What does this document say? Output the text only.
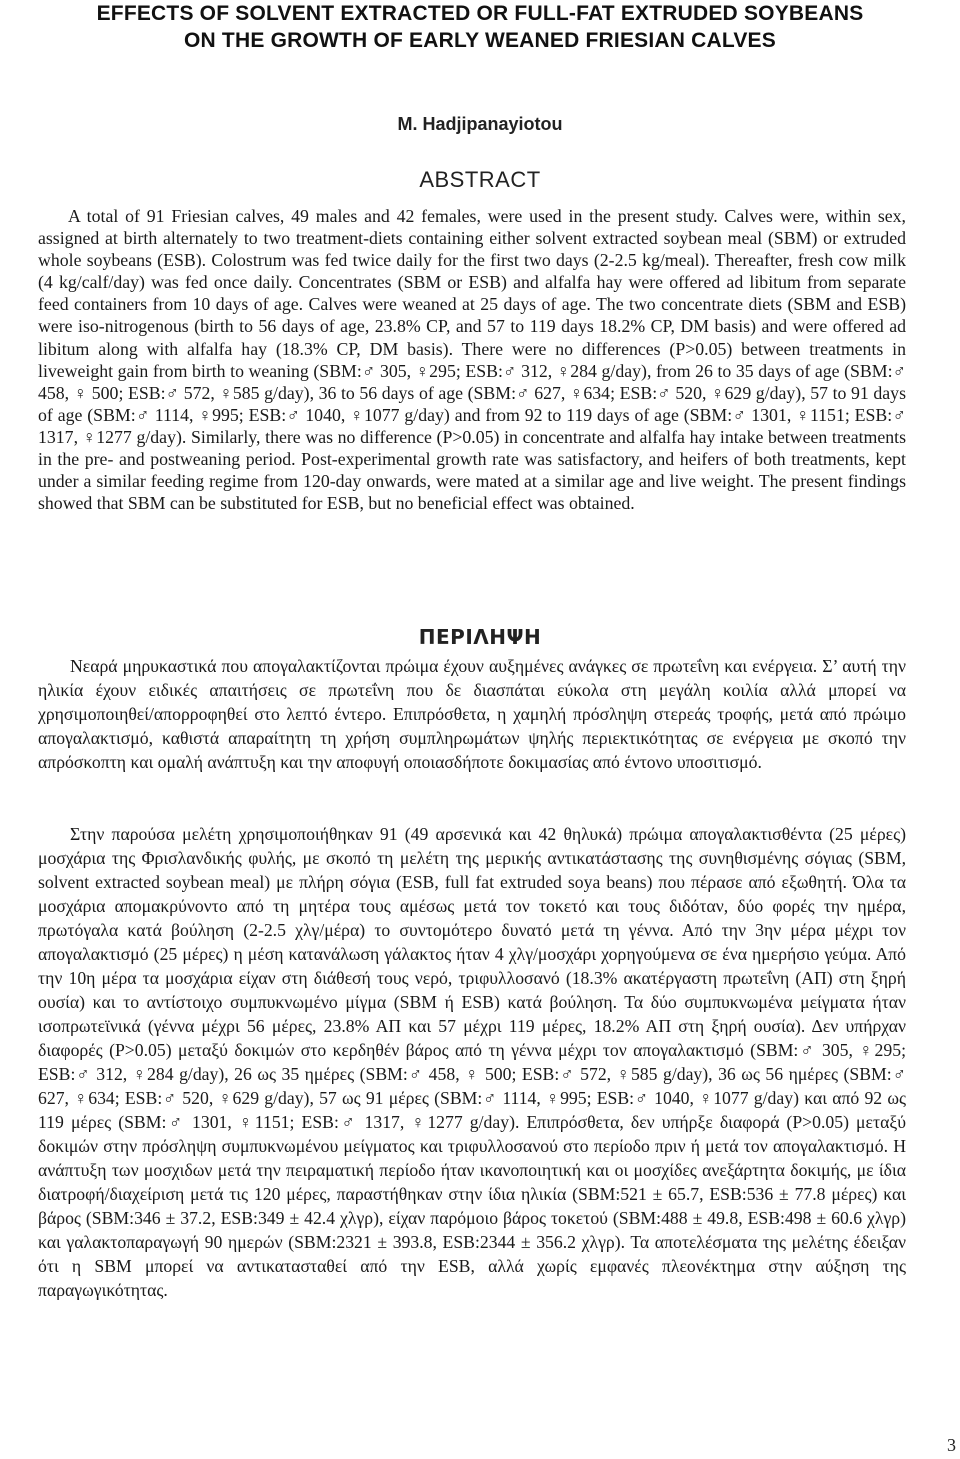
EFFECTS OF SOLVENT EXTRACTED OR FULL-FAT EXTRUDED SOYBEANS
ON THE GROWTH OF EARLY WEANED FRIESIAN CALVES
M. Hadjipanayiotou
ABSTRACT

A total of 91 Friesian calves, 49 males and 42 females, were used in the present study. Calves were, within sex, assigned at birth alternately to two treatment-diets containing either solvent extracted soybean meal (SBM) or extruded whole soybeans (ESB). Colostrum was fed twice daily for the first two days (2-2.5 kg/meal). Thereafter, fresh cow milk (4 kg/calf/day) was fed once daily. Concentrates (SBM or ESB) and alfalfa hay were offered ad libitum from separate feed containers from 10 days of age. Calves were weaned at 25 days of age. The two concentrate diets (SBM and ESB) were iso-nitrogenous (birth to 56 days of age, 23.8% CP, and 57 to 119 days 18.2% CP, DM basis) and were offered ad libitum along with alfalfa hay (18.3% CP, DM basis). There were no differences (P>0.05) between treatments in liveweight gain from birth to weaning (SBM:♂ 305, ♀295; ESB:♂ 312, ♀284 g/day), from 26 to 35 days of age (SBM:♂ 458, ♀ 500; ESB:♂ 572, ♀585 g/day), 36 to 56 days of age (SBM:♂ 627, ♀634; ESB:♂ 520, ♀629 g/day), 57 to 91 days of age (SBM:♂ 1114, ♀995; ESB:♂ 1040, ♀1077 g/day) and from 92 to 119 days of age (SBM:♂ 1301, ♀1151; ESB:♂ 1317, ♀1277 g/day). Similarly, there was no difference (P>0.05) in concentrate and alfalfa hay intake between treatments in the pre- and postweaning period. Post-experimental growth rate was satisfactory, and heifers of both treatments, kept under a similar feeding regime from 120-day onwards, were mated at a similar age and live weight. The present findings showed that SBM can be substituted for ESB, but no beneficial effect was obtained.

ΠΕΡΙΛΗΨΗ

Νεαρά μηρυκαστικά που απογαλακτίζονται πρώιμα έχουν αυξημένες ανάγκες σε πρωτεΐνη και ενέργεια. Σ’ αυτή την ηλικία έχουν ειδικές απαιτήσεις σε πρωτεΐνη που δε διασπάται εύκολα στη μεγάλη κοιλία αλλά μπορεί να χρησιμοποιηθεί/απορροφηθεί στο λεπτό έντερο. Επιπρόσθετα, η χαμηλή πρόσληψη στερεάς τροφής, μετά από πρώιμο απογαλακτισμό, καθιστά απαραίτητη τη χρήση συμπληρωμάτων ψηλής περιεκτικότητας σε ενέργεια με σκοπό την απρόσκοπτη και ομαλή ανάπτυξη και την αποφυγή οποιασδήποτε δοκιμασίας από έντονο υποσιτισμό.

Στην παρούσα μελέτη χρησιμοποιήθηκαν 91 (49 αρσενικά και 42 θηλυκά) πρώιμα απογαλακτισθέντα (25 μέρες) μοσχάρια της Φρισλανδικής φυλής, με σκοπό τη μελέτη της μερικής αντικατάστασης της συνηθισμένης σόγιας (SBM, solvent extracted soybean meal) με πλήρη σόγια (ESB, full fat extruded soya beans) που πέρασε από εξωθητή. Όλα τα μοσχάρια απομακρύνοντο από τη μητέρα τους αμέσως μετά τον τοκετό και τους διδόταν, δύο φορές την ημέρα, πρωτόγαλα κατά βούληση (2-2.5 χλγ/μέρα) το συντομότερο δυνατό μετά τη γέννα. Από την 3ην μέρα μέχρι τον απογαλακτισμό (25 μέρες) η μέση κατανάλωση γάλακτος ήταν 4 χλγ/μοσχάρι χορηγούμενα σε ένα ημερήσιο γεύμα. Από την 10η μέρα τα μοσχάρια είχαν στη διάθεσή τους νερό, τριφυλλοσανό (18.3% ακατέργαστη πρωτεΐνη (ΑΠ) στη ξηρή ουσία) και το αντίστοιχο συμπυκνωμένο μίγμα (SBM ή ESB) κατά βούληση. Τα δύο συμπυκνωμένα μείγματα ήταν ισοπρωτεϊνικά (γέννα μέχρι 56 μέρες, 23.8% ΑΠ και 57 μέχρι 119 μέρες, 18.2% ΑΠ στη ξηρή ουσία). Δεν υπήρχαν διαφορές (P>0.05) μεταξύ δοκιμών στο κερδηθέν βάρος από τη γέννα μέχρι τον απογαλακτισμό (SBM:♂ 305, ♀295; ESB:♂ 312, ♀284 g/day), 26 ως 35 ημέρες (SBM:♂ 458, ♀ 500; ESB:♂ 572, ♀585 g/day), 36 ως 56 ημέρες (SBM:♂ 627, ♀634; ESB:♂ 520, ♀629 g/day), 57 ως 91 μέρες (SBM:♂ 1114, ♀995; ESB:♂ 1040, ♀1077 g/day) και από 92 ως 119 μέρες (SBM:♂ 1301, ♀1151; ESB:♂ 1317, ♀1277 g/day). Επιπρόσθετα, δεν υπήρξε διαφορά (P>0.05) μεταξύ δοκιμών στην πρόσληψη συμπυκνωμένου μείγματος και τριφυλλοσανού στο περίοδο πριν ή μετά τον απογαλακτισμό. Η ανάπτυξη των μοσχιδων μετά την πειραματική περίοδο ήταν ικανοποιητική και οι μοσχίδες ανεξάρτητα δοκιμής, με ίδια διατροφή/διαχείριση μετά τις 120 μέρες, παραστήθηκαν στην ίδια ηλικία (SBM:521 ± 65.7, ESB:536 ± 77.8 μέρες) και βάρος (SBM:346 ± 37.2, ESB:349 ± 42.4 χλγρ), είχαν παρόμοιο βάρος τοκετού (SBM:488 ± 49.8, ESB:498 ± 60.6 χλγρ) και γαλακτοπαραγωγή 90 ημερών (SBM:2321 ± 393.8, ESB:2344 ± 356.2 χλγρ). Τα αποτελέσματα της μελέτης έδειξαν ότι η SBM μπορεί να αντικατασταθεί από την ESB, αλλά χωρίς εμφανές πλεονέκτημα στην αύξηση της παραγωγικότητας.

3
